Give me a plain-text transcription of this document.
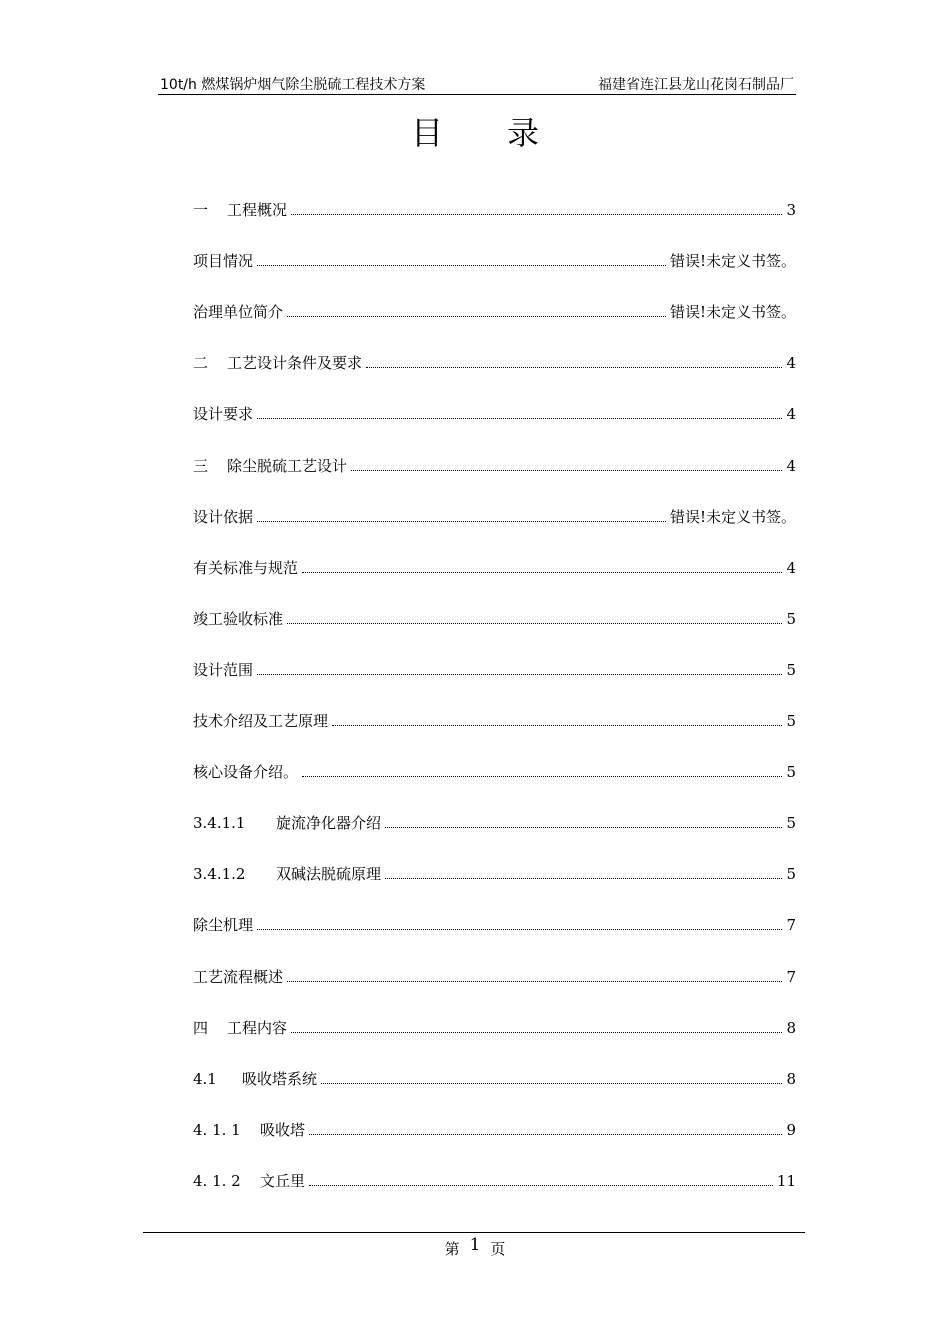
10t/h 燃煤锅炉烟气除尘脱硫工程技术方案	福建省连江县龙山花岗石制品厂
目录
一	工程概况	3
项目情况	错误!未定义书签。
治理单位简介	错误!未定义书签。
二	工艺设计条件及要求	4
设计要求	4
三	除尘脱硫工艺设计	4
设计依据	错误!未定义书签。
有关标准与规范	4
竣工验收标准	5
设计范围	5
技术介绍及工艺原理	5
核心设备介绍。	5
3.4.1.1	旋流净化器介绍	5
3.4.1.2	双碱法脱硫原理	5
除尘机理	7
工艺流程概述	7
四	工程内容	8
4.1	吸收塔系统	8
4. 1. 1	吸收塔	9
4. 1. 2	文丘里	11
第 1 页
